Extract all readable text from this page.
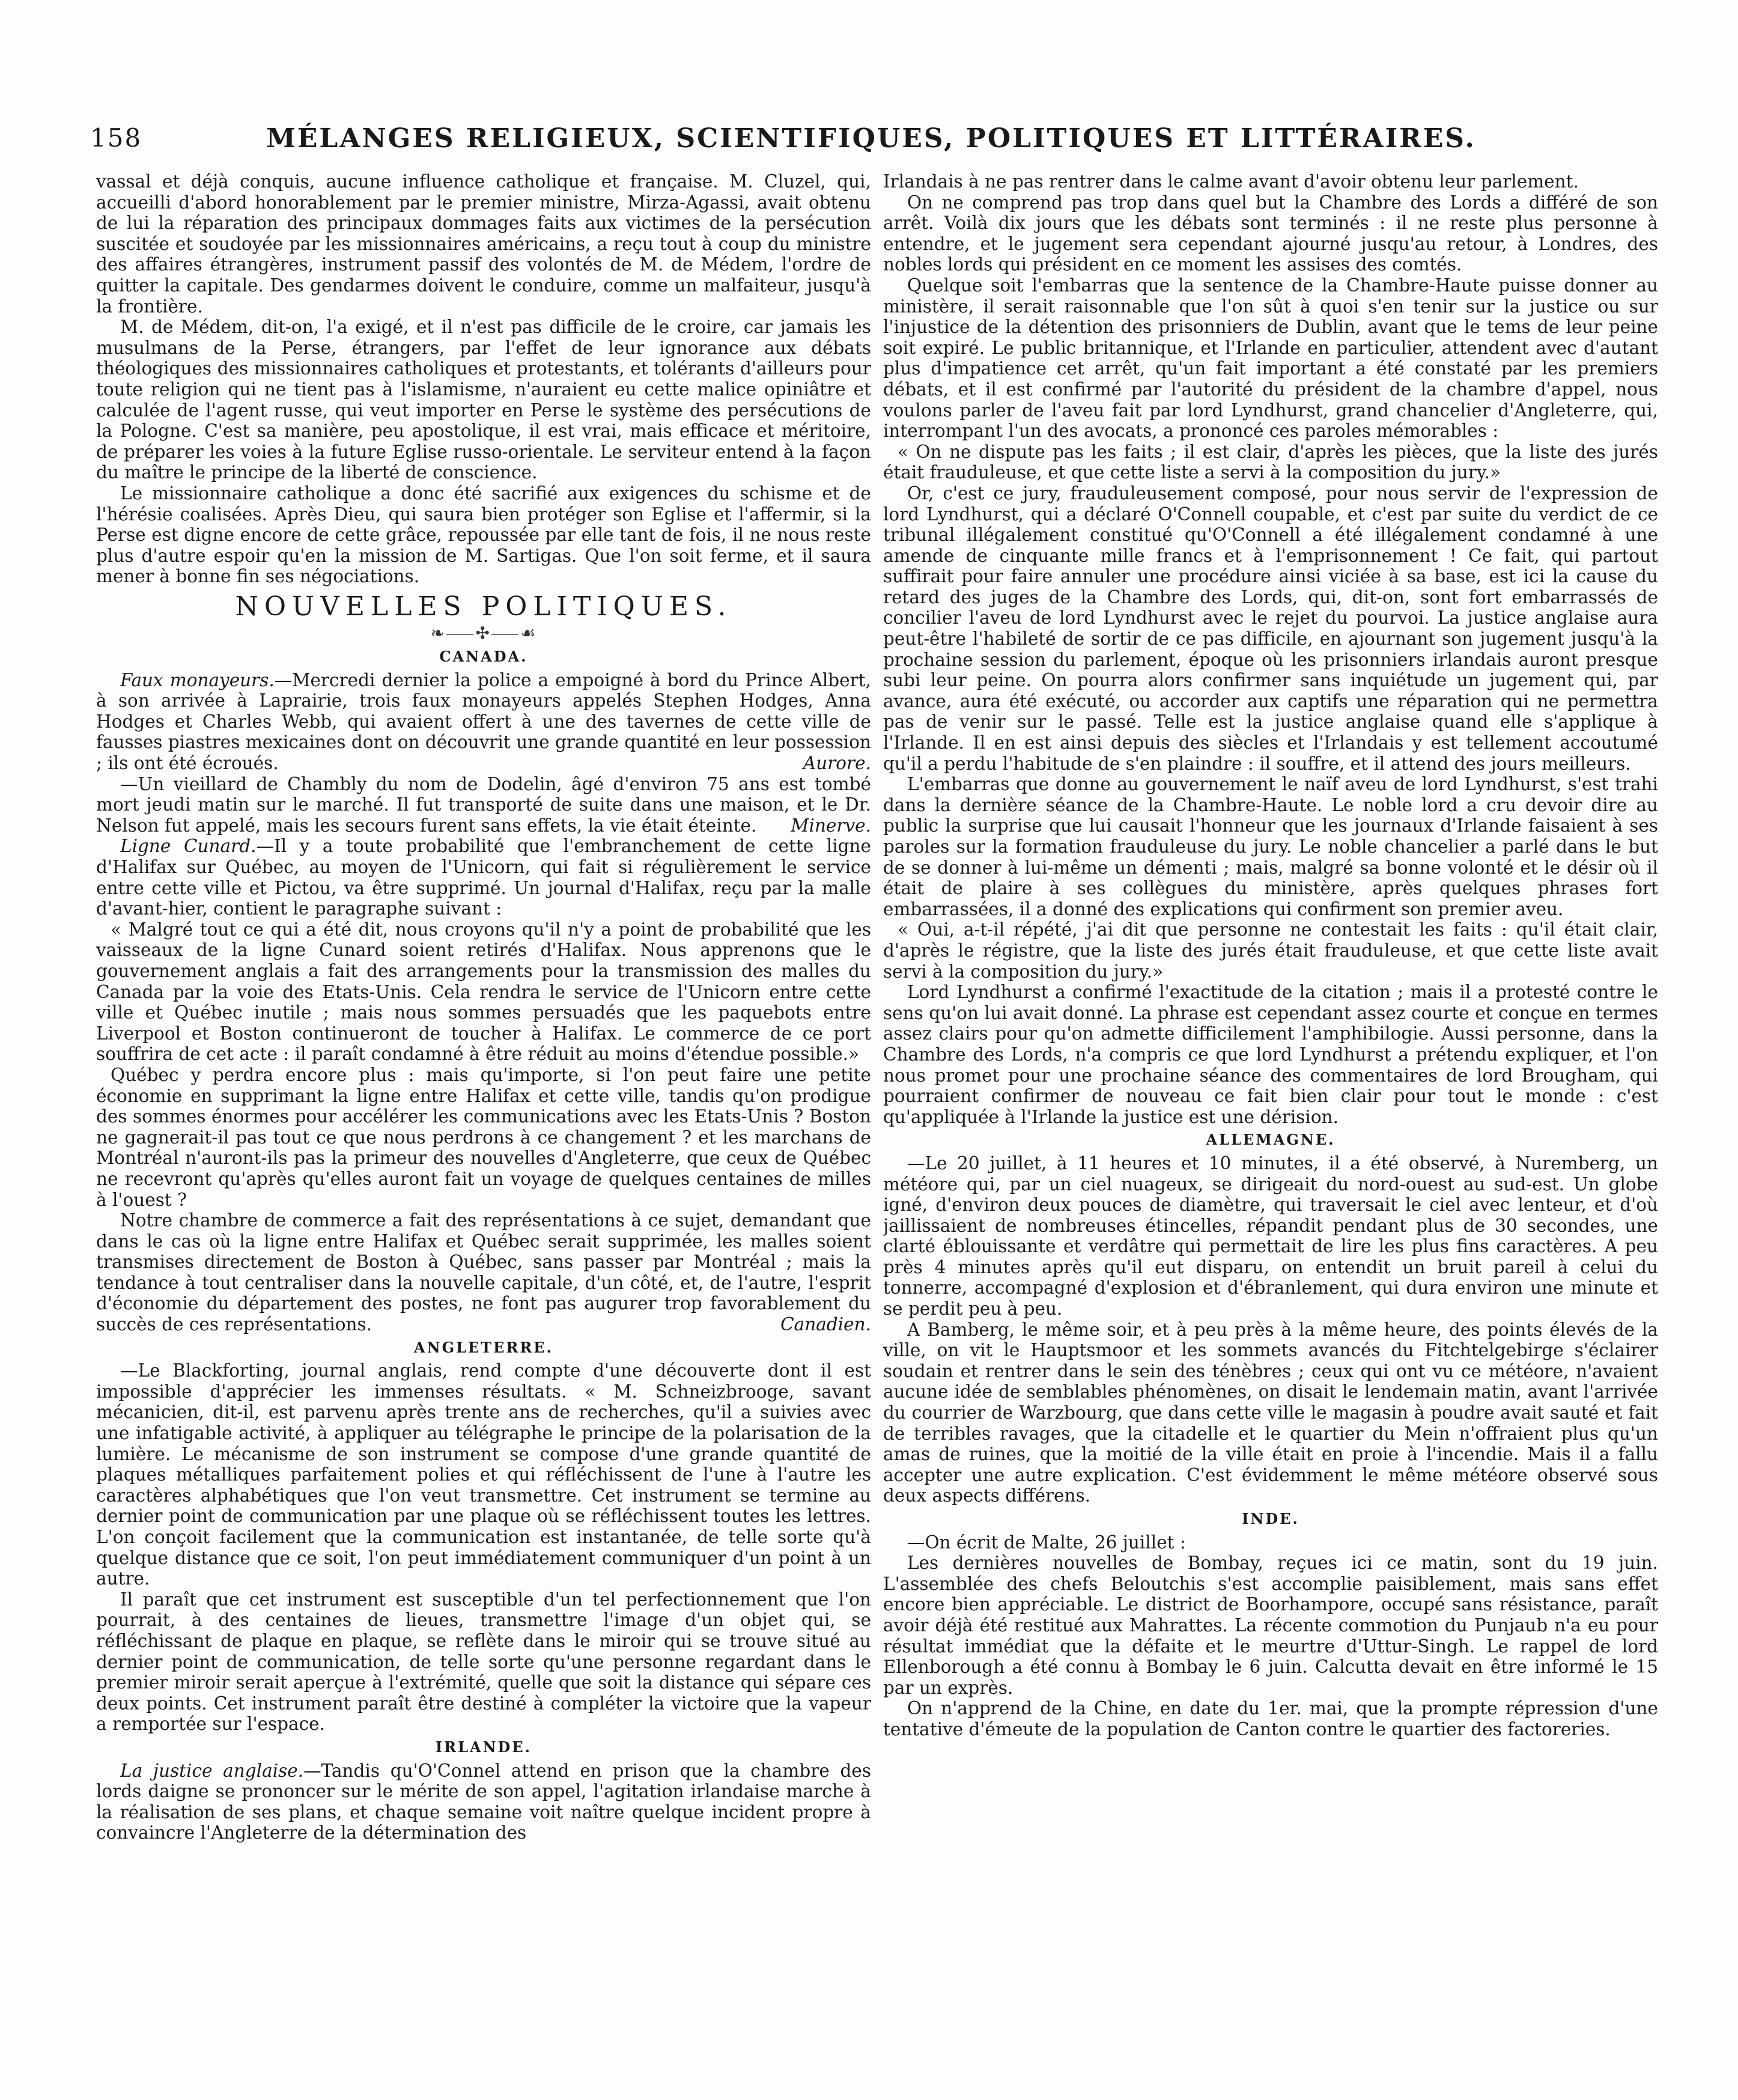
158	MÉLANGES RELIGIEUX, SCIENTIFIQUES, POLITIQUES ET LITTÉRAIRES.

vassal et déjà conquis, aucune influence catholique et française. M. Cluzel, qui, accueilli d'abord honorablement par le premier ministre, Mirza-Agassi, avait obtenu de lui la réparation des principaux dommages faits aux victimes de la persécution suscitée et soudoyée par les missionnaires américains, a reçu tout à coup du ministre des affaires étrangères, instrument passif des volontés de M. de Médem, l'ordre de quitter la capitale. Des gendarmes doivent le conduire, comme un malfaiteur, jusqu'à la frontière.

M. de Médem, dit-on, l'a exigé, et il n'est pas difficile de le croire, car jamais les musulmans de la Perse, étrangers, par l'effet de leur ignorance aux débats théologiques des missionnaires catholiques et protestants, et tolérants d'ailleurs pour toute religion qui ne tient pas à l'islamisme, n'auraient eu cette malice opiniâtre et calculée de l'agent russe, qui veut importer en Perse le système des persécutions de la Pologne. C'est sa manière, peu apostolique, il est vrai, mais efficace et méritoire, de préparer les voies à la future Eglise russo-orientale. Le serviteur entend à la façon du maître le principe de la liberté de conscience.

Le missionnaire catholique a donc été sacrifié aux exigences du schisme et de l'hérésie coalisées. Après Dieu, qui saura bien protéger son Eglise et l'affermir, si la Perse est digne encore de cette grâce, repoussée par elle tant de fois, il ne nous reste plus d'autre espoir qu'en la mission de M. Sartigas. Que l'on soit ferme, et il saura mener à bonne fin ses négociations.

NOUVELLES POLITIQUES.
❧⸺✣⸺☙
CANADA.

Faux monayeurs.—Mercredi dernier la police a empoigné à bord du Prince Albert, à son arrivée à Laprairie, trois faux monayeurs appelés Stephen Hodges, Anna Hodges et Charles Webb, qui avaient offert à une des tavernes de cette ville de fausses piastres mexicaines dont on découvrit une grande quantité en leur possession ; ils ont été écroués.	Aurore.

—Un vieillard de Chambly du nom de Dodelin, âgé d'environ 75 ans est tombé mort jeudi matin sur le marché. Il fut transporté de suite dans une maison, et le Dr. Nelson fut appelé, mais les secours furent sans effets, la vie était éteinte.	Minerve.

Ligne Cunard.—Il y a toute probabilité que l'embranchement de cette ligne d'Halifax sur Québec, au moyen de l'Unicorn, qui fait si régulièrement le service entre cette ville et Pictou, va être supprimé. Un journal d'Halifax, reçu par la malle d'avant-hier, contient le paragraphe suivant :

« Malgré tout ce qui a été dit, nous croyons qu'il n'y a point de probabilité que les vaisseaux de la ligne Cunard soient retirés d'Halifax. Nous apprenons que le gouvernement anglais a fait des arrangements pour la transmission des malles du Canada par la voie des Etats-Unis. Cela rendra le service de l'Unicorn entre cette ville et Québec inutile ; mais nous sommes persuadés que les paquebots entre Liverpool et Boston continueront de toucher à Halifax. Le commerce de ce port souffrira de cet acte : il paraît condamné à être réduit au moins d'étendue possible.»

Québec y perdra encore plus : mais qu'importe, si l'on peut faire une petite économie en supprimant la ligne entre Halifax et cette ville, tandis qu'on prodigue des sommes énormes pour accélérer les communications avec les Etats-Unis ? Boston ne gagnerait-il pas tout ce que nous perdrons à ce changement ? et les marchans de Montréal n'auront-ils pas la primeur des nouvelles d'Angleterre, que ceux de Québec ne recevront qu'après qu'elles auront fait un voyage de quelques centaines de milles à l'ouest ?

Notre chambre de commerce a fait des représentations à ce sujet, demandant que dans le cas où la ligne entre Halifax et Québec serait supprimée, les malles soient transmises directement de Boston à Québec, sans passer par Montréal ; mais la tendance à tout centraliser dans la nouvelle capitale, d'un côté, et, de l'autre, l'esprit d'économie du département des postes, ne font pas augurer trop favorablement du succès de ces représentations.	Canadien.

ANGLETERRE.

—Le Blackforting, journal anglais, rend compte d'une découverte dont il est impossible d'apprécier les immenses résultats. « M. Schneizbrooge, savant mécanicien, dit-il, est parvenu après trente ans de recherches, qu'il a suivies avec une infatigable activité, à appliquer au télégraphe le principe de la polarisation de la lumière. Le mécanisme de son instrument se compose d'une grande quantité de plaques métalliques parfaitement polies et qui réfléchissent de l'une à l'autre les caractères alphabétiques que l'on veut transmettre. Cet instrument se termine au dernier point de communication par une plaque où se réfléchissent toutes les lettres. L'on conçoit facilement que la communication est instantanée, de telle sorte qu'à quelque distance que ce soit, l'on peut immédiatement communiquer d'un point à un autre.

Il paraît que cet instrument est susceptible d'un tel perfectionnement que l'on pourrait, à des centaines de lieues, transmettre l'image d'un objet qui, se réfléchissant de plaque en plaque, se reflète dans le miroir qui se trouve situé au dernier point de communication, de telle sorte qu'une personne regardant dans le premier miroir serait aperçue à l'extrémité, quelle que soit la distance qui sépare ces deux points. Cet instrument paraît être destiné à compléter la victoire que la vapeur a remportée sur l'espace.

IRLANDE.

La justice anglaise.—Tandis qu'O'Connel attend en prison que la chambre des lords daigne se prononcer sur le mérite de son appel, l'agitation irlandaise marche à la réalisation de ses plans, et chaque semaine voit naître quelque incident propre à convaincre l'Angleterre de la détermination des

Irlandais à ne pas rentrer dans le calme avant d'avoir obtenu leur parlement.

On ne comprend pas trop dans quel but la Chambre des Lords a différé de son arrêt. Voilà dix jours que les débats sont terminés : il ne reste plus personne à entendre, et le jugement sera cependant ajourné jusqu'au retour, à Londres, des nobles lords qui président en ce moment les assises des comtés.

Quelque soit l'embarras que la sentence de la Chambre-Haute puisse donner au ministère, il serait raisonnable que l'on sût à quoi s'en tenir sur la justice ou sur l'injustice de la détention des prisonniers de Dublin, avant que le tems de leur peine soit expiré. Le public britannique, et l'Irlande en particulier, attendent avec d'autant plus d'impatience cet arrêt, qu'un fait important a été constaté par les premiers débats, et il est confirmé par l'autorité du président de la chambre d'appel, nous voulons parler de l'aveu fait par lord Lyndhurst, grand chancelier d'Angleterre, qui, interrompant l'un des avocats, a prononcé ces paroles mémorables :

« On ne dispute pas les faits ; il est clair, d'après les pièces, que la liste des jurés était frauduleuse, et que cette liste a servi à la composition du jury.»

Or, c'est ce jury, frauduleusement composé, pour nous servir de l'expression de lord Lyndhurst, qui a déclaré O'Connell coupable, et c'est par suite du verdict de ce tribunal illégalement constitué qu'O'Connell a été illégalement condamné à une amende de cinquante mille francs et à l'emprisonnement ! Ce fait, qui partout suffirait pour faire annuler une procédure ainsi viciée à sa base, est ici la cause du retard des juges de la Chambre des Lords, qui, dit-on, sont fort embarrassés de concilier l'aveu de lord Lyndhurst avec le rejet du pourvoi. La justice anglaise aura peut-être l'habileté de sortir de ce pas difficile, en ajournant son jugement jusqu'à la prochaine session du parlement, époque où les prisonniers irlandais auront presque subi leur peine. On pourra alors confirmer sans inquiétude un jugement qui, par avance, aura été exécuté, ou accorder aux captifs une réparation qui ne permettra pas de venir sur le passé. Telle est la justice anglaise quand elle s'applique à l'Irlande. Il en est ainsi depuis des siècles et l'Irlandais y est tellement accoutumé qu'il a perdu l'habitude de s'en plaindre : il souffre, et il attend des jours meilleurs.

L'embarras que donne au gouvernement le naïf aveu de lord Lyndhurst, s'est trahi dans la dernière séance de la Chambre-Haute. Le noble lord a cru devoir dire au public la surprise que lui causait l'honneur que les journaux d'Irlande faisaient à ses paroles sur la formation frauduleuse du jury. Le noble chancelier a parlé dans le but de se donner à lui-même un démenti ; mais, malgré sa bonne volonté et le désir où il était de plaire à ses collègues du ministère, après quelques phrases fort embarrassées, il a donné des explications qui confirment son premier aveu.

« Oui, a-t-il répété, j'ai dit que personne ne contestait les faits : qu'il était clair, d'après le régistre, que la liste des jurés était frauduleuse, et que cette liste avait servi à la composition du jury.»

Lord Lyndhurst a confirmé l'exactitude de la citation ; mais il a protesté contre le sens qu'on lui avait donné. La phrase est cependant assez courte et conçue en termes assez clairs pour qu'on admette difficilement l'amphibilogie. Aussi personne, dans la Chambre des Lords, n'a compris ce que lord Lyndhurst a prétendu expliquer, et l'on nous promet pour une prochaine séance des commentaires de lord Brougham, qui pourraient confirmer de nouveau ce fait bien clair pour tout le monde : c'est qu'appliquée à l'Irlande la justice est une dérision.

ALLEMAGNE.

—Le 20 juillet, à 11 heures et 10 minutes, il a été observé, à Nuremberg, un météore qui, par un ciel nuageux, se dirigeait du nord-ouest au sud-est. Un globe igné, d'environ deux pouces de diamètre, qui traversait le ciel avec lenteur, et d'où jaillissaient de nombreuses étincelles, répandit pendant plus de 30 secondes, une clarté éblouissante et verdâtre qui permettait de lire les plus fins caractères. A peu près 4 minutes après qu'il eut disparu, on entendit un bruit pareil à celui du tonnerre, accompagné d'explosion et d'ébranlement, qui dura environ une minute et se perdit peu à peu.

A Bamberg, le même soir, et à peu près à la même heure, des points élevés de la ville, on vit le Hauptsmoor et les sommets avancés du Fitchtelgebirge s'éclairer soudain et rentrer dans le sein des ténèbres ; ceux qui ont vu ce météore, n'avaient aucune idée de semblables phénomènes, on disait le lendemain matin, avant l'arrivée du courrier de Warzbourg, que dans cette ville le magasin à poudre avait sauté et fait de terribles ravages, que la citadelle et le quartier du Mein n'offraient plus qu'un amas de ruines, que la moitié de la ville était en proie à l'incendie. Mais il a fallu accepter une autre explication. C'est évidemment le même météore observé sous deux aspects différens.

INDE.

—On écrit de Malte, 26 juillet :

Les dernières nouvelles de Bombay, reçues ici ce matin, sont du 19 juin. L'assemblée des chefs Beloutchis s'est accomplie paisiblement, mais sans effet encore bien appréciable. Le district de Boorhampore, occupé sans résistance, paraît avoir déjà été restitué aux Mahrattes. La récente commotion du Punjaub n'a eu pour résultat immédiat que la défaite et le meurtre d'Uttur-Singh. Le rappel de lord Ellenborough a été connu à Bombay le 6 juin. Calcutta devait en être informé le 15 par un exprès.

On n'apprend de la Chine, en date du 1er. mai, que la prompte répression d'une tentative d'émeute de la population de Canton contre le quartier des factoreries.
